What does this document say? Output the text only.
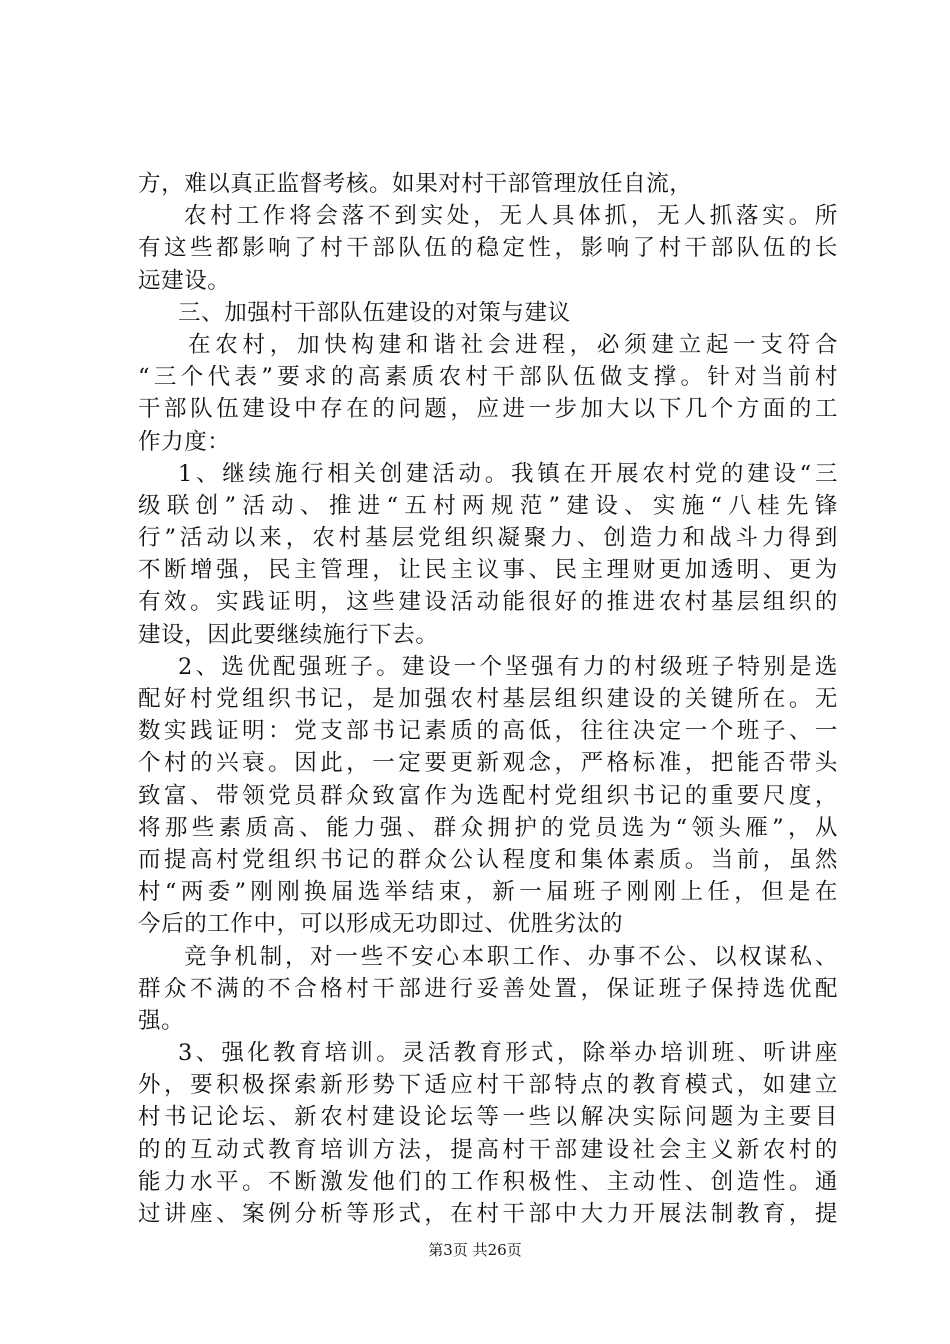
方，难以真正监督考核。如果对村干部管理放任自流，
农村工作将会落不到实处，无人具体抓，无人抓落实。所
有这些都影响了村干部队伍的稳定性，影响了村干部队伍的长
远建设。
三、加强村干部队伍建设的对策与建议
在农村，加快构建和谐社会进程，必须建立起一支符合
“三个代表”要求的高素质农村干部队伍做支撑。针对当前村
干部队伍建设中存在的问题，应进一步加大以下几个方面的工
作力度：
1、继续施行相关创建活动。我镇在开展农村党的建设“三
级联创”活动、推进“五村两规范”建设、实施“八桂先锋
行”活动以来，农村基层党组织凝聚力、创造力和战斗力得到
不断增强，民主管理，让民主议事、民主理财更加透明、更为
有效。实践证明，这些建设活动能很好的推进农村基层组织的
建设，因此要继续施行下去。
2、选优配强班子。建设一个坚强有力的村级班子特别是选
配好村党组织书记，是加强农村基层组织建设的关键所在。无
数实践证明：党支部书记素质的高低，往往决定一个班子、一
个村的兴衰。因此，一定要更新观念，严格标准，把能否带头
致富、带领党员群众致富作为选配村党组织书记的重要尺度，
将那些素质高、能力强、群众拥护的党员选为“领头雁”，从
而提高村党组织书记的群众公认程度和集体素质。当前，虽然
村“两委”刚刚换届选举结束，新一届班子刚刚上任，但是在
今后的工作中，可以形成无功即过、优胜劣汰的
竞争机制，对一些不安心本职工作、办事不公、以权谋私、
群众不满的不合格村干部进行妥善处置，保证班子保持选优配
强。
3、强化教育培训。灵活教育形式，除举办培训班、听讲座
外，要积极探索新形势下适应村干部特点的教育模式，如建立
村书记论坛、新农村建设论坛等一些以解决实际问题为主要目
的的互动式教育培训方法，提高村干部建设社会主义新农村的
能力水平。不断激发他们的工作积极性、主动性、创造性。通
过讲座、案例分析等形式，在村干部中大力开展法制教育，提
第3页 共26页
